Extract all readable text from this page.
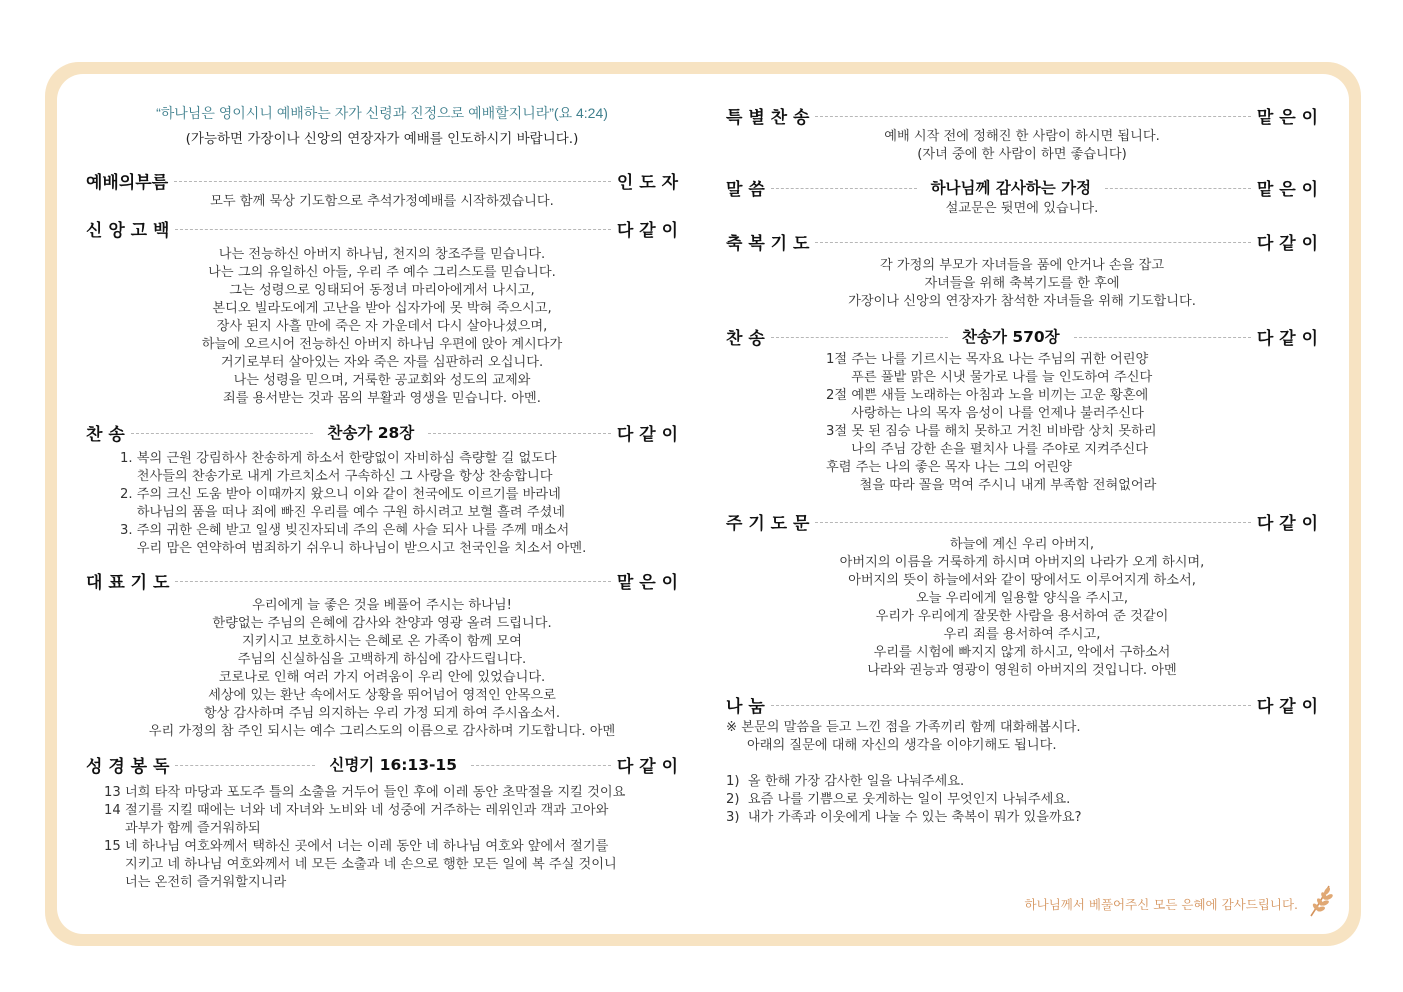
“하나님은 영이시니 예배하는 자가 신령과 진정으로 예배할지니라”(요 4:24)
(가능하면 가장이나 신앙의 연장자가 예배를 인도하시기 바랍니다.)
예배의부름	인 도 자
모두 함께 묵상 기도함으로 추석가정예배를 시작하겠습니다.
신 앙 고 백	다 같 이
나는 전능하신 아버지 하나님, 천지의 창조주를 믿습니다.
나는 그의 유일하신 아들, 우리 주 예수 그리스도를 믿습니다.
그는 성령으로 잉태되어 동정녀 마리아에게서 나시고,
본디오 빌라도에게 고난을 받아 십자가에 못 박혀 죽으시고,
장사 된지 사흘 만에 죽은 자 가운데서 다시 살아나셨으며,
하늘에 오르시어 전능하신 아버지 하나님 우편에 앉아 계시다가
거기로부터 살아있는 자와 죽은 자를 심판하러 오십니다.
나는 성령을 믿으며, 거룩한 공교회와 성도의 교제와
죄를 용서받는 것과 몸의 부활과 영생을 믿습니다. 아멘.
찬 송	찬송가 28장	다 같 이
1. 복의 근원 강림하사 찬송하게 하소서 한량없이 자비하심 측량할 길 없도다
천사들의 찬송가로 내게 가르치소서 구속하신 그 사랑을 항상 찬송합니다
2. 주의 크신 도움 받아 이때까지 왔으니 이와 같이 천국에도 이르기를 바라네
하나님의 품을 떠나 죄에 빠진 우리를 예수 구원 하시려고 보혈 흘려 주셨네
3. 주의 귀한 은혜 받고 일생 빚진자되네 주의 은혜 사슬 되사 나를 주께 매소서
우리 맘은 연약하여 범죄하기 쉬우니 하나님이 받으시고 천국인을 치소서 아멘.
대 표 기 도	맡 은 이
우리에게 늘 좋은 것을 베풀어 주시는 하나님!
한량없는 주님의 은혜에 감사와 찬양과 영광 올려 드립니다.
지키시고 보호하시는 은혜로 온 가족이 함께 모여
주님의 신실하심을 고백하게 하심에 감사드립니다.
코로나로 인해 여러 가지 어려움이 우리 안에 있었습니다.
세상에 있는 환난 속에서도 상황을 뛰어넘어 영적인 안목으로
항상 감사하며 주님 의지하는 우리 가정 되게 하여 주시옵소서.
우리 가정의 참 주인 되시는 예수 그리스도의 이름으로 감사하며 기도합니다. 아멘
성 경 봉 독	신명기 16:13-15	다 같 이
13 너희 타작 마당과 포도주 틀의 소출을 거두어 들인 후에 이레 동안 초막절을 지킬 것이요
14 절기를 지킬 때에는 너와 네 자녀와 노비와 네 성중에 거주하는 레위인과 객과 고아와
과부가 함께 즐거워하되
15 네 하나님 여호와께서 택하신 곳에서 너는 이레 동안 네 하나님 여호와 앞에서 절기를
지키고 네 하나님 여호와께서 네 모든 소출과 네 손으로 행한 모든 일에 복 주실 것이니
너는 온전히 즐거워할지니라
특 별 찬 송	맡 은 이
예배 시작 전에 정해진 한 사람이 하시면 됩니다.
(자녀 중에 한 사람이 하면 좋습니다)
말 씀	하나님께 감사하는 가정	맡 은 이
설교문은 뒷면에 있습니다.
축 복 기 도	다 같 이
각 가정의 부모가 자녀들을 품에 안거나 손을 잡고
자녀들을 위해 축복기도를 한 후에
가장이나 신앙의 연장자가 참석한 자녀들을 위해 기도합니다.
찬 송	찬송가 570장	다 같 이
1절 주는 나를 기르시는 목자요 나는 주님의 귀한 어린양
푸른 풀밭 맑은 시냇 물가로 나를 늘 인도하여 주신다
2절 예쁜 새들 노래하는 아침과 노을 비끼는 고운 황혼에
사랑하는 나의 목자 음성이 나를 언제나 불러주신다
3절 못 된 짐승 나를 해치 못하고 거친 비바람 상치 못하리
나의 주님 강한 손을 펼치사 나를 주야로 지켜주신다
후렴 주는 나의 좋은 목자 나는 그의 어린양
철을 따라 꼴을 먹여 주시니 내게 부족함 전혀없어라
주 기 도 문	다 같 이
하늘에 계신 우리 아버지,
아버지의 이름을 거룩하게 하시며 아버지의 나라가 오게 하시며,
아버지의 뜻이 하늘에서와 같이 땅에서도 이루어지게 하소서,
오늘 우리에게 일용할 양식을 주시고,
우리가 우리에게 잘못한 사람을 용서하여 준 것같이
우리 죄를 용서하여 주시고,
우리를 시험에 빠지지 않게 하시고, 악에서 구하소서
나라와 권능과 영광이 영원히 아버지의 것입니다. 아멘
나 눔	다 같 이
※ 본문의 말씀을 듣고 느낀 점을 가족끼리 함께 대화해봅시다.
아래의 질문에 대해 자신의 생각을 이야기해도 됩니다.

1)  올 한해 가장 감사한 일을 나눠주세요.
2)  요즘 나를 기쁨으로 웃게하는 일이 무엇인지 나눠주세요.
3)  내가 가족과 이웃에게 나눌 수 있는 축복이 뭐가 있을까요?
하나님께서 베풀어주신 모든 은혜에 감사드립니다.
